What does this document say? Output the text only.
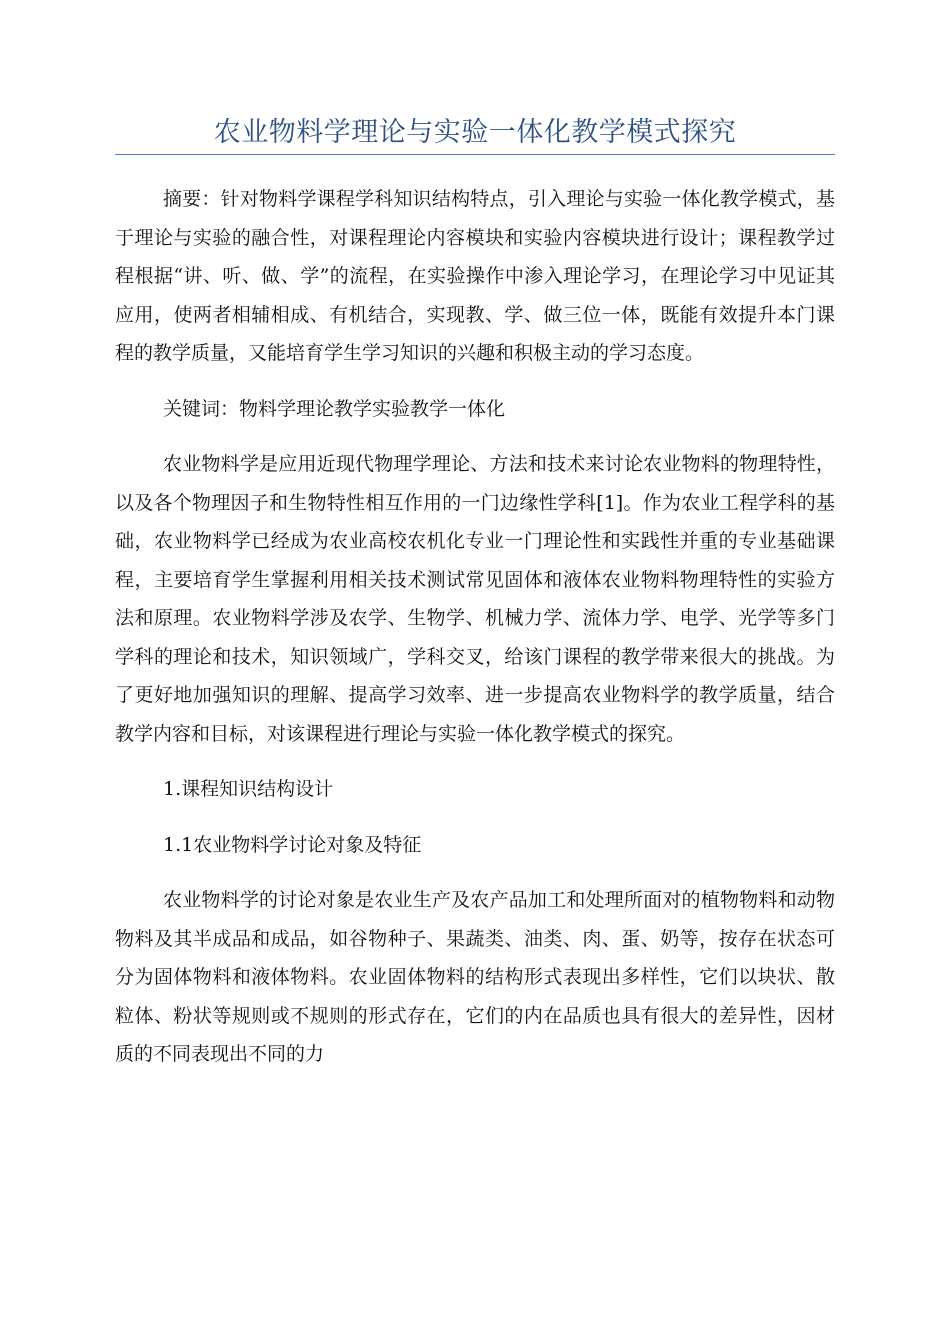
农业物料学理论与实验一体化教学模式探究

摘要：针对物料学课程学科知识结构特点，引入理论与实验一体化教学模式，基于理论与实验的融合性，对课程理论内容模块和实验内容模块进行设计；课程教学过程根据“讲、听、做、学”的流程，在实验操作中渗入理论学习，在理论学习中见证其应用，使两者相辅相成、有机结合，实现教、学、做三位一体，既能有效提升本门课程的教学质量，又能培育学生学习知识的兴趣和积极主动的学习态度。

关键词：物料学理论教学实验教学一体化

农业物料学是应用近现代物理学理论、方法和技术来讨论农业物料的物理特性，以及各个物理因子和生物特性相互作用的一门边缘性学科[1]。作为农业工程学科的基础，农业物料学已经成为农业高校农机化专业一门理论性和实践性并重的专业基础课程，主要培育学生掌握利用相关技术测试常见固体和液体农业物料物理特性的实验方法和原理。农业物料学涉及农学、生物学、机械力学、流体力学、电学、光学等多门学科的理论和技术，知识领域广，学科交叉，给该门课程的教学带来很大的挑战。为了更好地加强知识的理解、提高学习效率、进一步提高农业物料学的教学质量，结合教学内容和目标，对该课程进行理论与实验一体化教学模式的探究。

1.课程知识结构设计

1.1农业物料学讨论对象及特征

农业物料学的讨论对象是农业生产及农产品加工和处理所面对的植物物料和动物物料及其半成品和成品，如谷物种子、果蔬类、油类、肉、蛋、奶等，按存在状态可分为固体物料和液体物料。农业固体物料的结构形式表现出多样性，它们以块状、散粒体、粉状等规则或不规则的形式存在，它们的内在品质也具有很大的差异性，因材质的不同表现出不同的力
